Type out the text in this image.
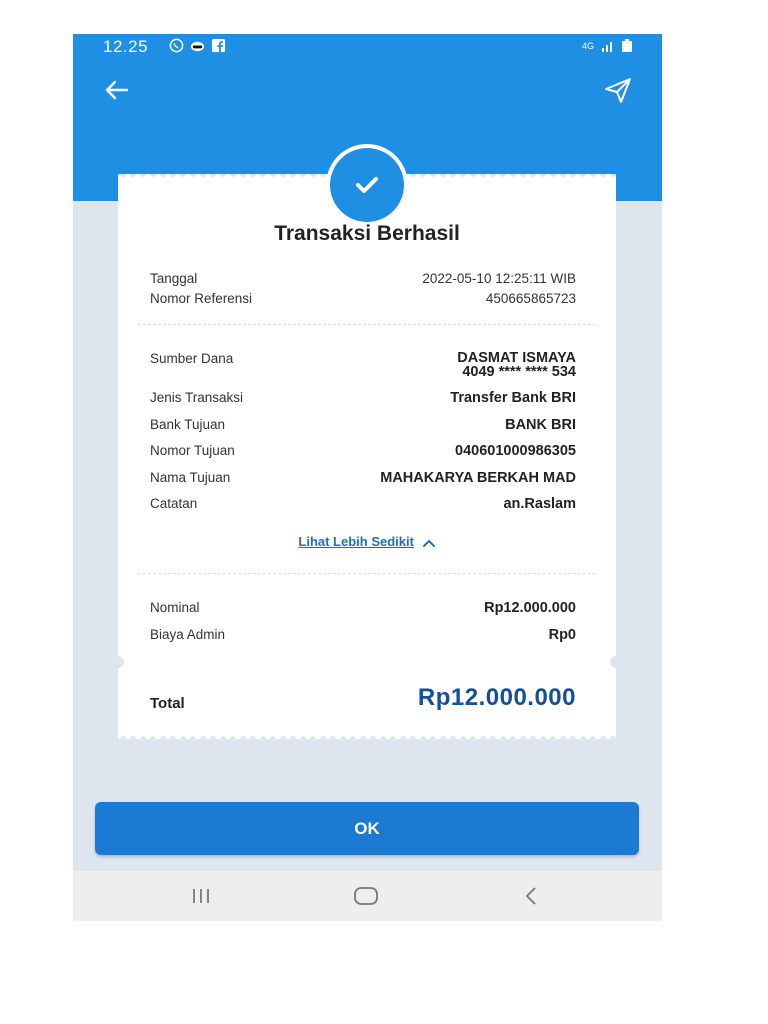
12.25	4G
Transaksi Berhasil
Tanggal	2022-05-10 12:25:11 WIB
Nomor Referensi	450665865723
Sumber Dana	DASMAT ISMAYA
4049 **** **** 534
Jenis Transaksi	Transfer Bank BRI
Bank Tujuan	BANK BRI
Nomor Tujuan	040601000986305
Nama Tujuan	MAHAKARYA BERKAH MAD
Catatan	an.Raslam
Lihat Lebih Sedikit
Nominal	Rp12.000.000
Biaya Admin	Rp0
Total	Rp12.000.000
OK
